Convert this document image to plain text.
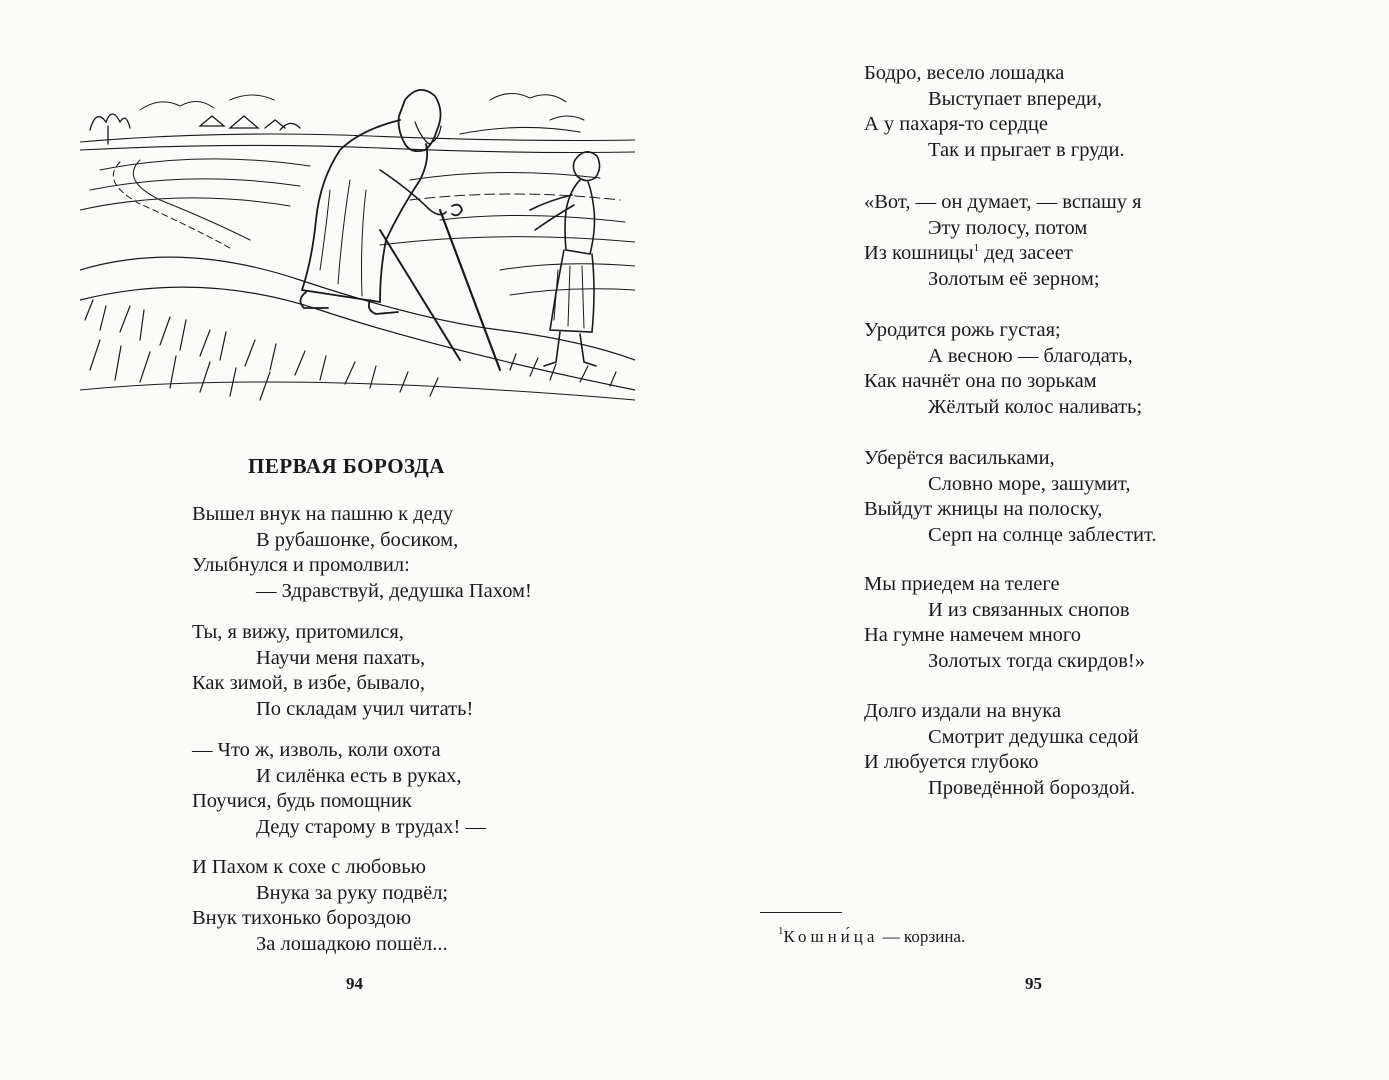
ПЕРВАЯ БОРОЗДА
Вышел внук на пашню к деду
В рубашонке, босиком,
Улыбнулся и промолвил:
— Здравствуй, дедушка Пахом!
Ты, я вижу, притомился,
Научи меня пахать,
Как зимой, в избе, бывало,
По складам учил читать!
— Что ж, изволь, коли охота
И силёнка есть в руках,
Поучися, будь помощник
Деду старому в трудах! —
И Пахом к сохе с любовью
Внука за руку подвёл;
Внук тихонько бороздою
За лошадкою пошёл...
94
Бодро, весело лошадка
Выступает впереди,
А у пахаря-то сердце
Так и прыгает в груди.
«Вот, — он думает, — вспашу я
Эту полосу, потом
Из кошницы$^1$ дед засеет
Золотым её зерном;
Уродится рожь густая;
А весною — благодать,
Как начнёт она по зорькам
Жёлтый колос наливать;
Уберётся васильками,
Словно море, зашумит,
Выйдут жницы на полоску,
Серп на солнце заблестит.
Мы приедем на телеге
И из связанных снопов
На гумне намечем много
Золотых тогда скирдов!»
Долго издали на внука
Смотрит дедушка седой
И любуется глубоко
Проведённой бороздой.
$^1$Кошни́ца — корзина.
95
